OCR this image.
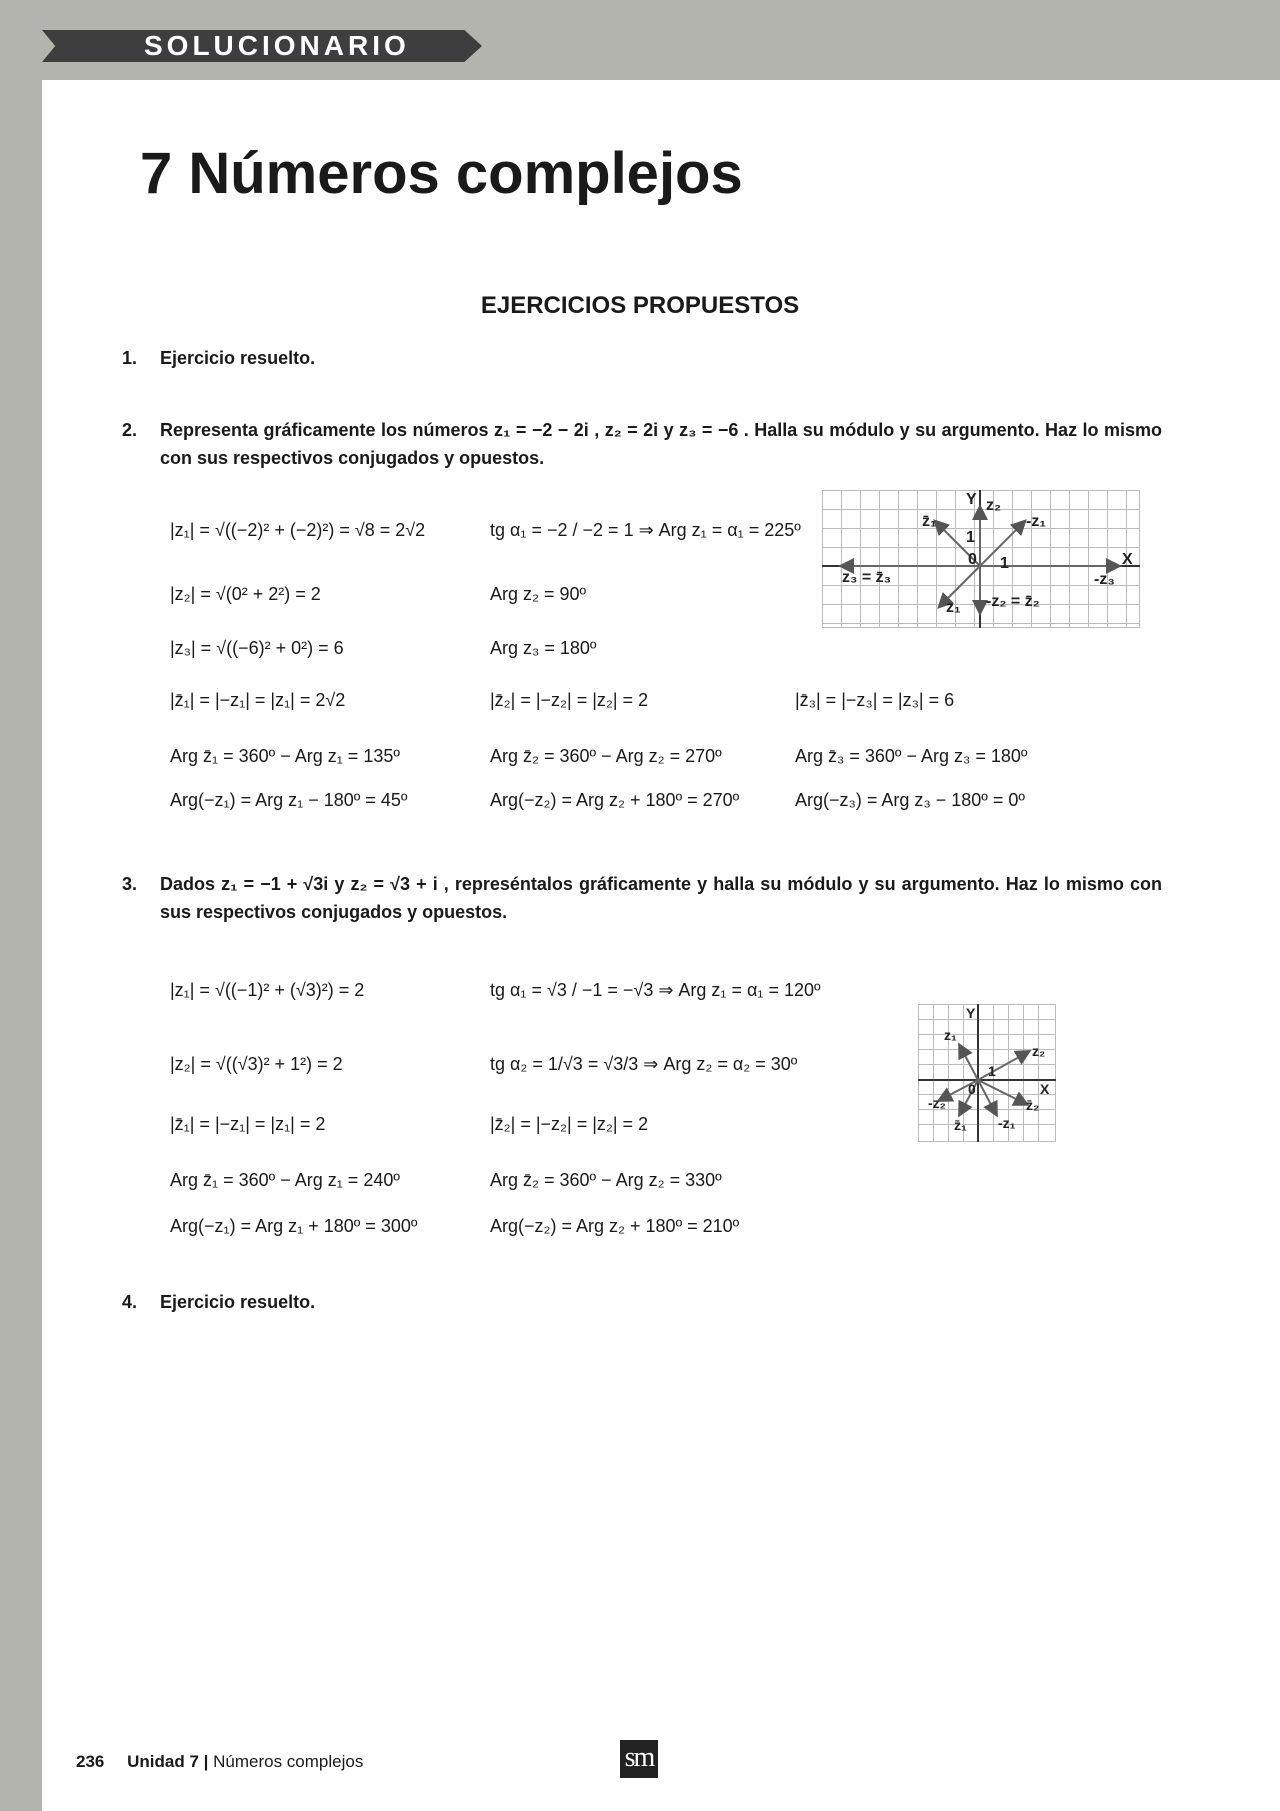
SOLUCIONARIO
7 Números complejos
EJERCICIOS PROPUESTOS
1. Ejercicio resuelto.
2. Representa gráficamente los números z₁ = −2 − 2i , z₂ = 2i y z₃ = −6 . Halla su módulo y su argumento. Haz lo mismo con sus respectivos conjugados y opuestos.
|z₁| = √((−2)² + (−2)²) = √8 = 2√2	tg α₁ = −2 / −2 = 1 ⇒ Arg z₁ = α₁ = 225º
|z₂| = √(0² + 2²) = 2	Arg z₂ = 90º
|z₃| = √((−6)² + 0²) = 6	Arg z₃ = 180º
|z̄₁| = |−z₁| = |z₁| = 2√2	|z̄₂| = |−z₂| = |z₂| = 2	|z̄₃| = |−z₃| = |z₃| = 6
Arg z̄₁ = 360º − Arg z₁ = 135º	Arg z̄₂ = 360º − Arg z₂ = 270º	Arg z̄₃ = 360º − Arg z₃ = 180º
Arg(−z₁) = Arg z₁ − 180º = 45º	Arg(−z₂) = Arg z₂ + 180º = 270º	Arg(−z₃) = Arg z₃ − 180º = 0º
Y
X
z₂
-z₁
z̄₁
1
0
z₃ = z̄₃	-z₃
z₁ -z₂ = z̄₂
1
3. Dados z₁ = −1 + √3i y z₂ = √3 + i , represéntalos gráficamente y halla su módulo y su argumento. Haz lo mismo con sus respectivos conjugados y opuestos.
|z₁| = √((−1)² + (√3)²) = 2	tg α₁ = √3 / −1 = −√3 ⇒ Arg z₁ = α₁ = 120º
|z₂| = √((√3)² + 1²) = 2	tg α₂ = 1/√3 = √3/3 ⇒ Arg z₂ = α₂ = 30º
|z̄₁| = |−z₁| = |z₁| = 2	|z̄₂| = |−z₂| = |z₂| = 2
Arg z̄₁ = 360º − Arg z₁ = 240º	Arg z̄₂ = 360º − Arg z₂ = 330º
Arg(−z₁) = Arg z₁ + 180º = 300º	Arg(−z₂) = Arg z₂ + 180º = 210º
Y
X
z₁
z₂
0
1
-z₂	z̄₂
z̄₁ -z₁
4. Ejercicio resuelto.
236 Unidad 7 | Números complejos	sm
